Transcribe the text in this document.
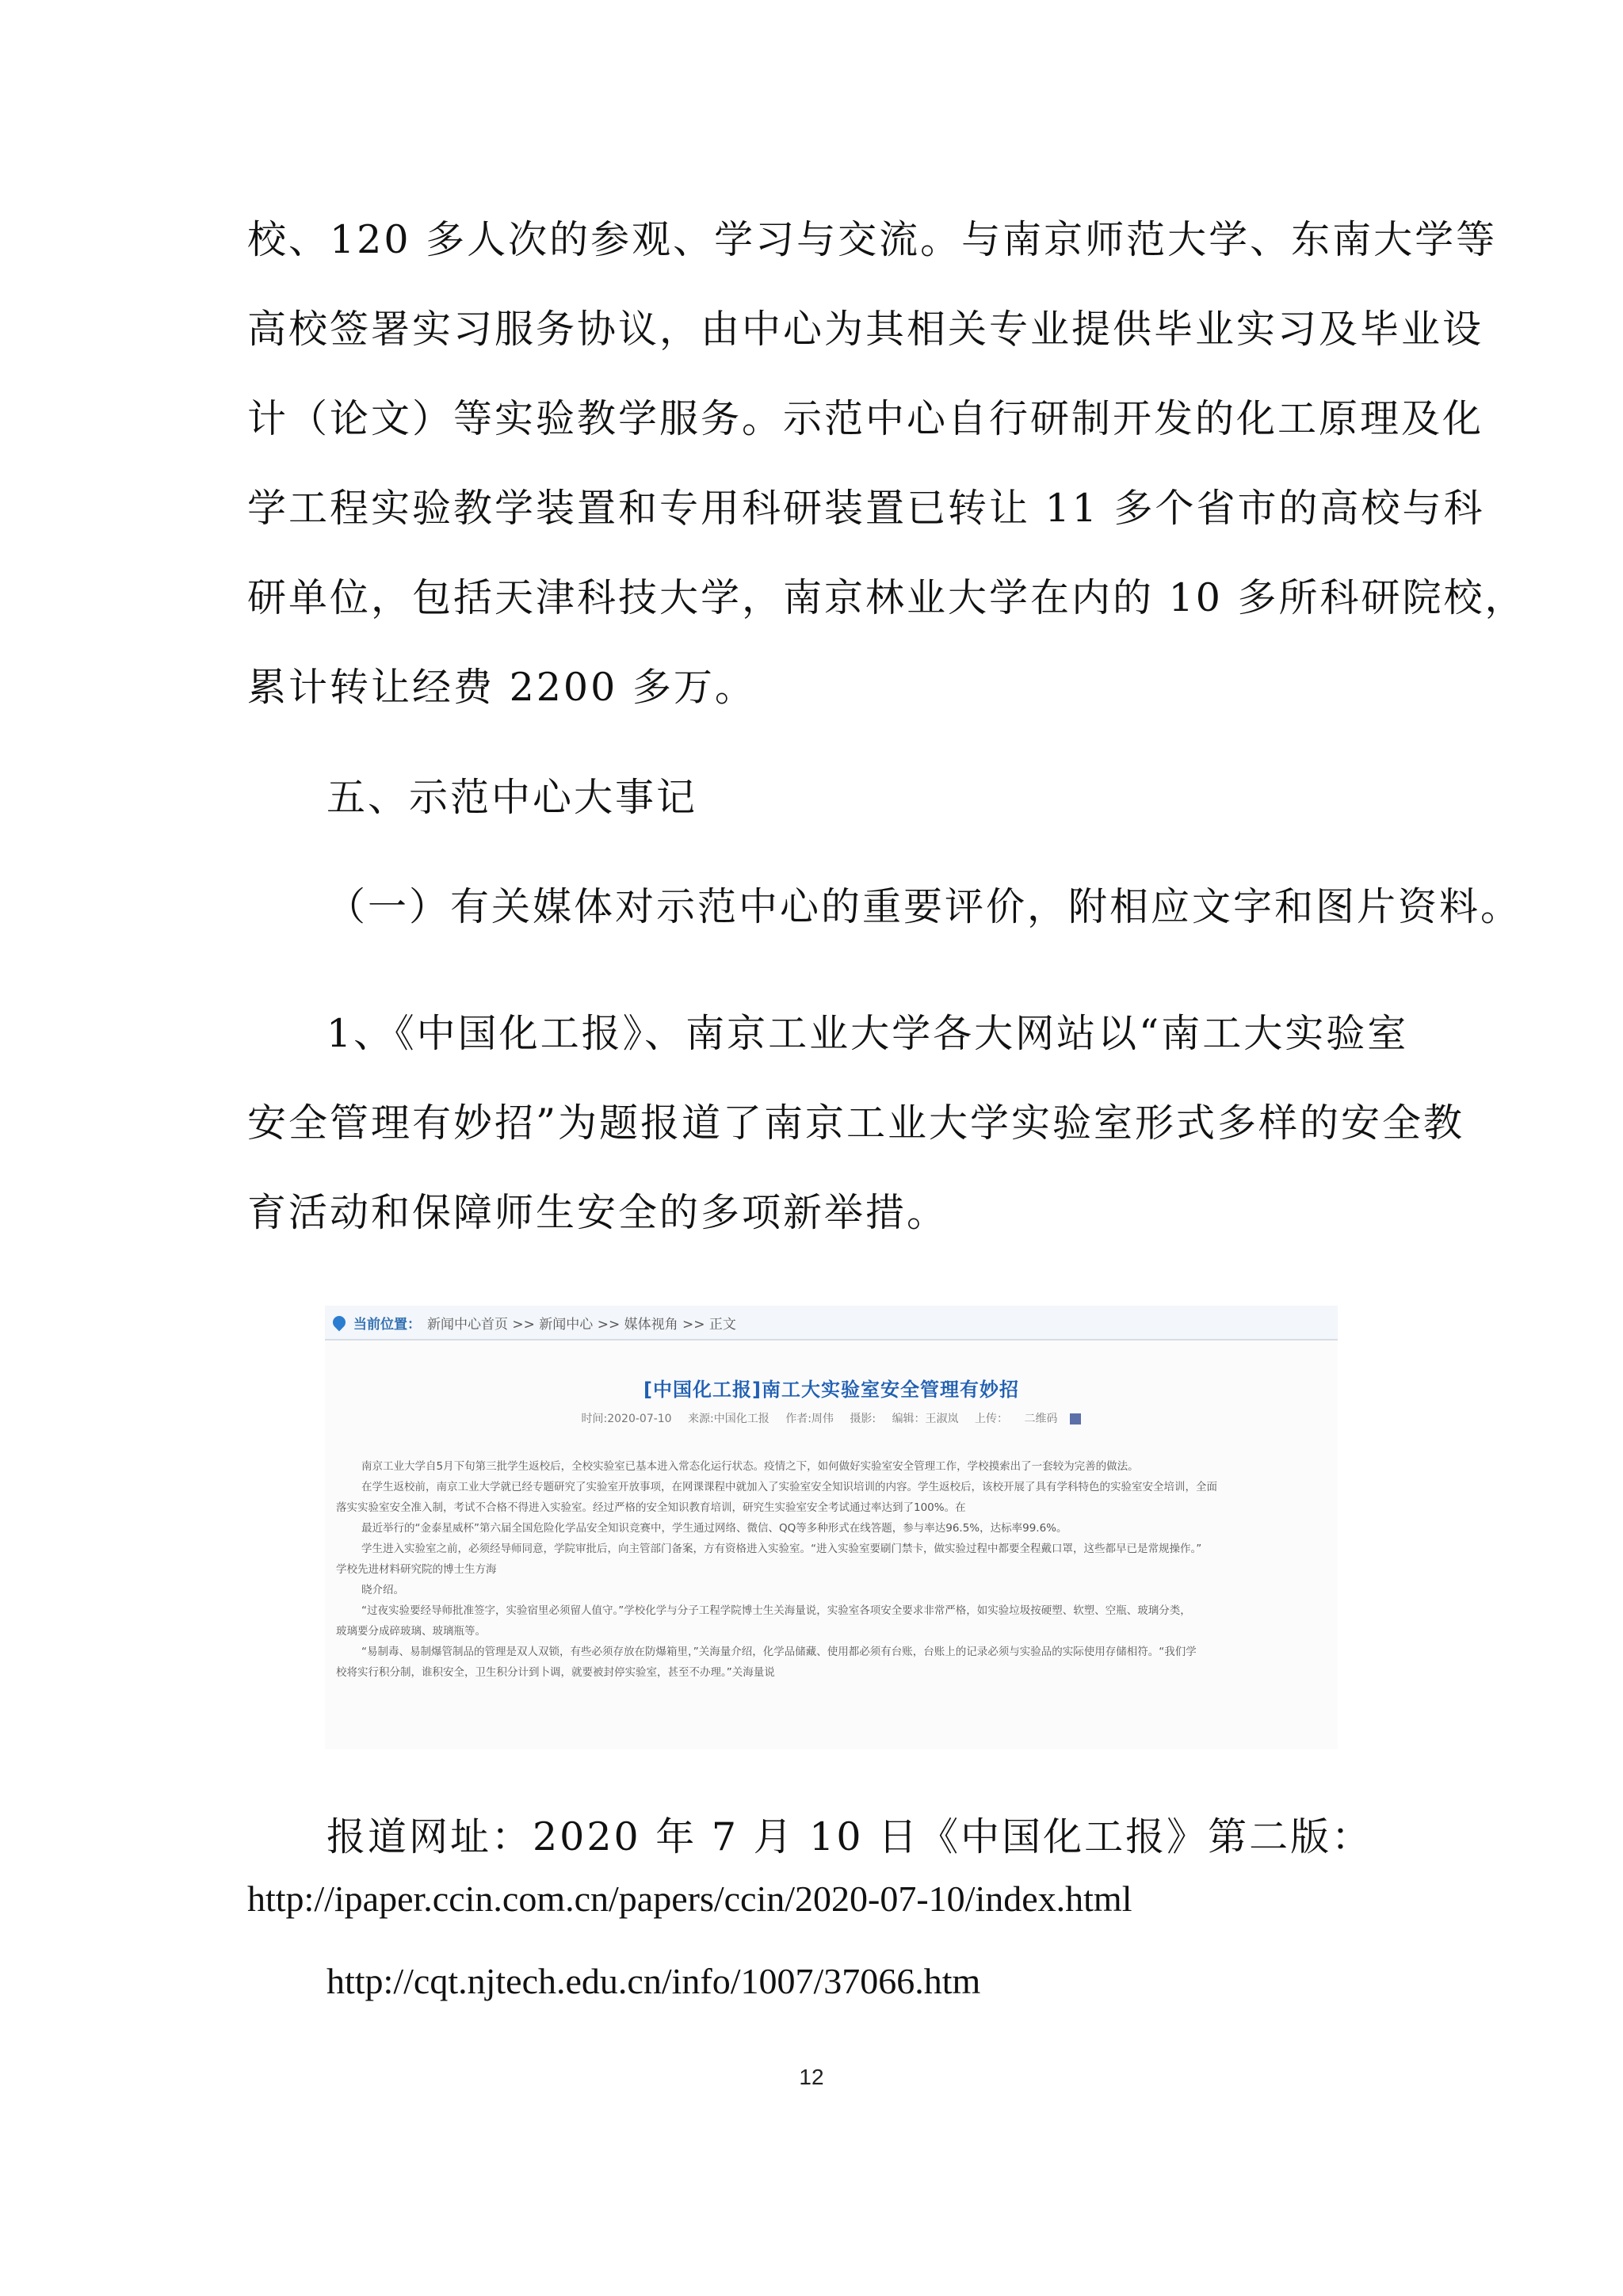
校、120 多人次的参观、学习与交流。与南京师范大学、东南大学等
高校签署实习服务协议，由中心为其相关专业提供毕业实习及毕业设
计（论文）等实验教学服务。示范中心自行研制开发的化工原理及化
学工程实验教学装置和专用科研装置已转让 11 多个省市的高校与科
研单位，包括天津科技大学，南京林业大学在内的 10 多所科研院校，
累计转让经费 2200 多万。

五、示范中心大事记

（一）有关媒体对示范中心的重要评价，附相应文字和图片资料。

1、《中国化工报》、南京工业大学各大网站以“南工大实验室
安全管理有妙招”为题报道了南京工业大学实验室形式多样的安全教
育活动和保障师生安全的多项新举措。

当前位置： 新闻中心首页 >> 新闻中心 >> 媒体视角 >> 正文
[中国化工报]南工大实验室安全管理有妙招
时间:2020-07-10 来源:中国化工报 作者:周伟 摄影: 编辑：王淑岚 上传： 二维码

南京工业大学自5月下旬第三批学生返校后，全校实验室已基本进入常态化运行状态。疫情之下，如何做好实验室安全管理工作，学校摸索出了一套较为完善的做法。

在学生返校前，南京工业大学就已经专题研究了实验室开放事项，在网课课程中就加入了实验室安全知识培训的内容。学生返校后，该校开展了具有学科特色的实验室安全培训，全面

落实实验室安全准入制，考试不合格不得进入实验室。经过严格的安全知识教育培训，研究生实验室安全考试通过率达到了100%。在

最近举行的“金泰星威杯”第六届全国危险化学品安全知识竞赛中，学生通过网络、微信、QQ等多种形式在线答题，参与率达96.5%，达标率99.6%。

学生进入实验室之前，必须经导师同意，学院审批后，向主管部门备案，方有资格进入实验室。“进入实验室要刷门禁卡，做实验过程中都要全程戴口罩，这些都早已是常规操作。”

学校先进材料研究院的博士生方海

晓介绍。

“过夜实验要经导师批准签字，实验宿里必须留人值守。”学校化学与分子工程学院博士生关海量说，实验室各项安全要求非常严格，如实验垃圾按硬塑、软塑、空瓶、玻璃分类，

玻璃要分成碎玻璃、玻璃瓶等。

“易制毒、易制爆管制品的管理是双人双锁，有些必须存放在防爆箱里，”关海量介绍，化学品储藏、使用都必须有台账，台账上的记录必须与实验品的实际使用存储相符。“我们学

校将实行积分制，谁积安全，卫生积分计到卜调，就要被封停实验室，甚至不办理。”关海量说

报道网址：2020 年 7 月 10 日《中国化工报》第二版：

http://ipaper.ccin.com.cn/papers/ccin/2020-07-10/index.html
http://cqt.njtech.edu.cn/info/1007/37066.htm
12
